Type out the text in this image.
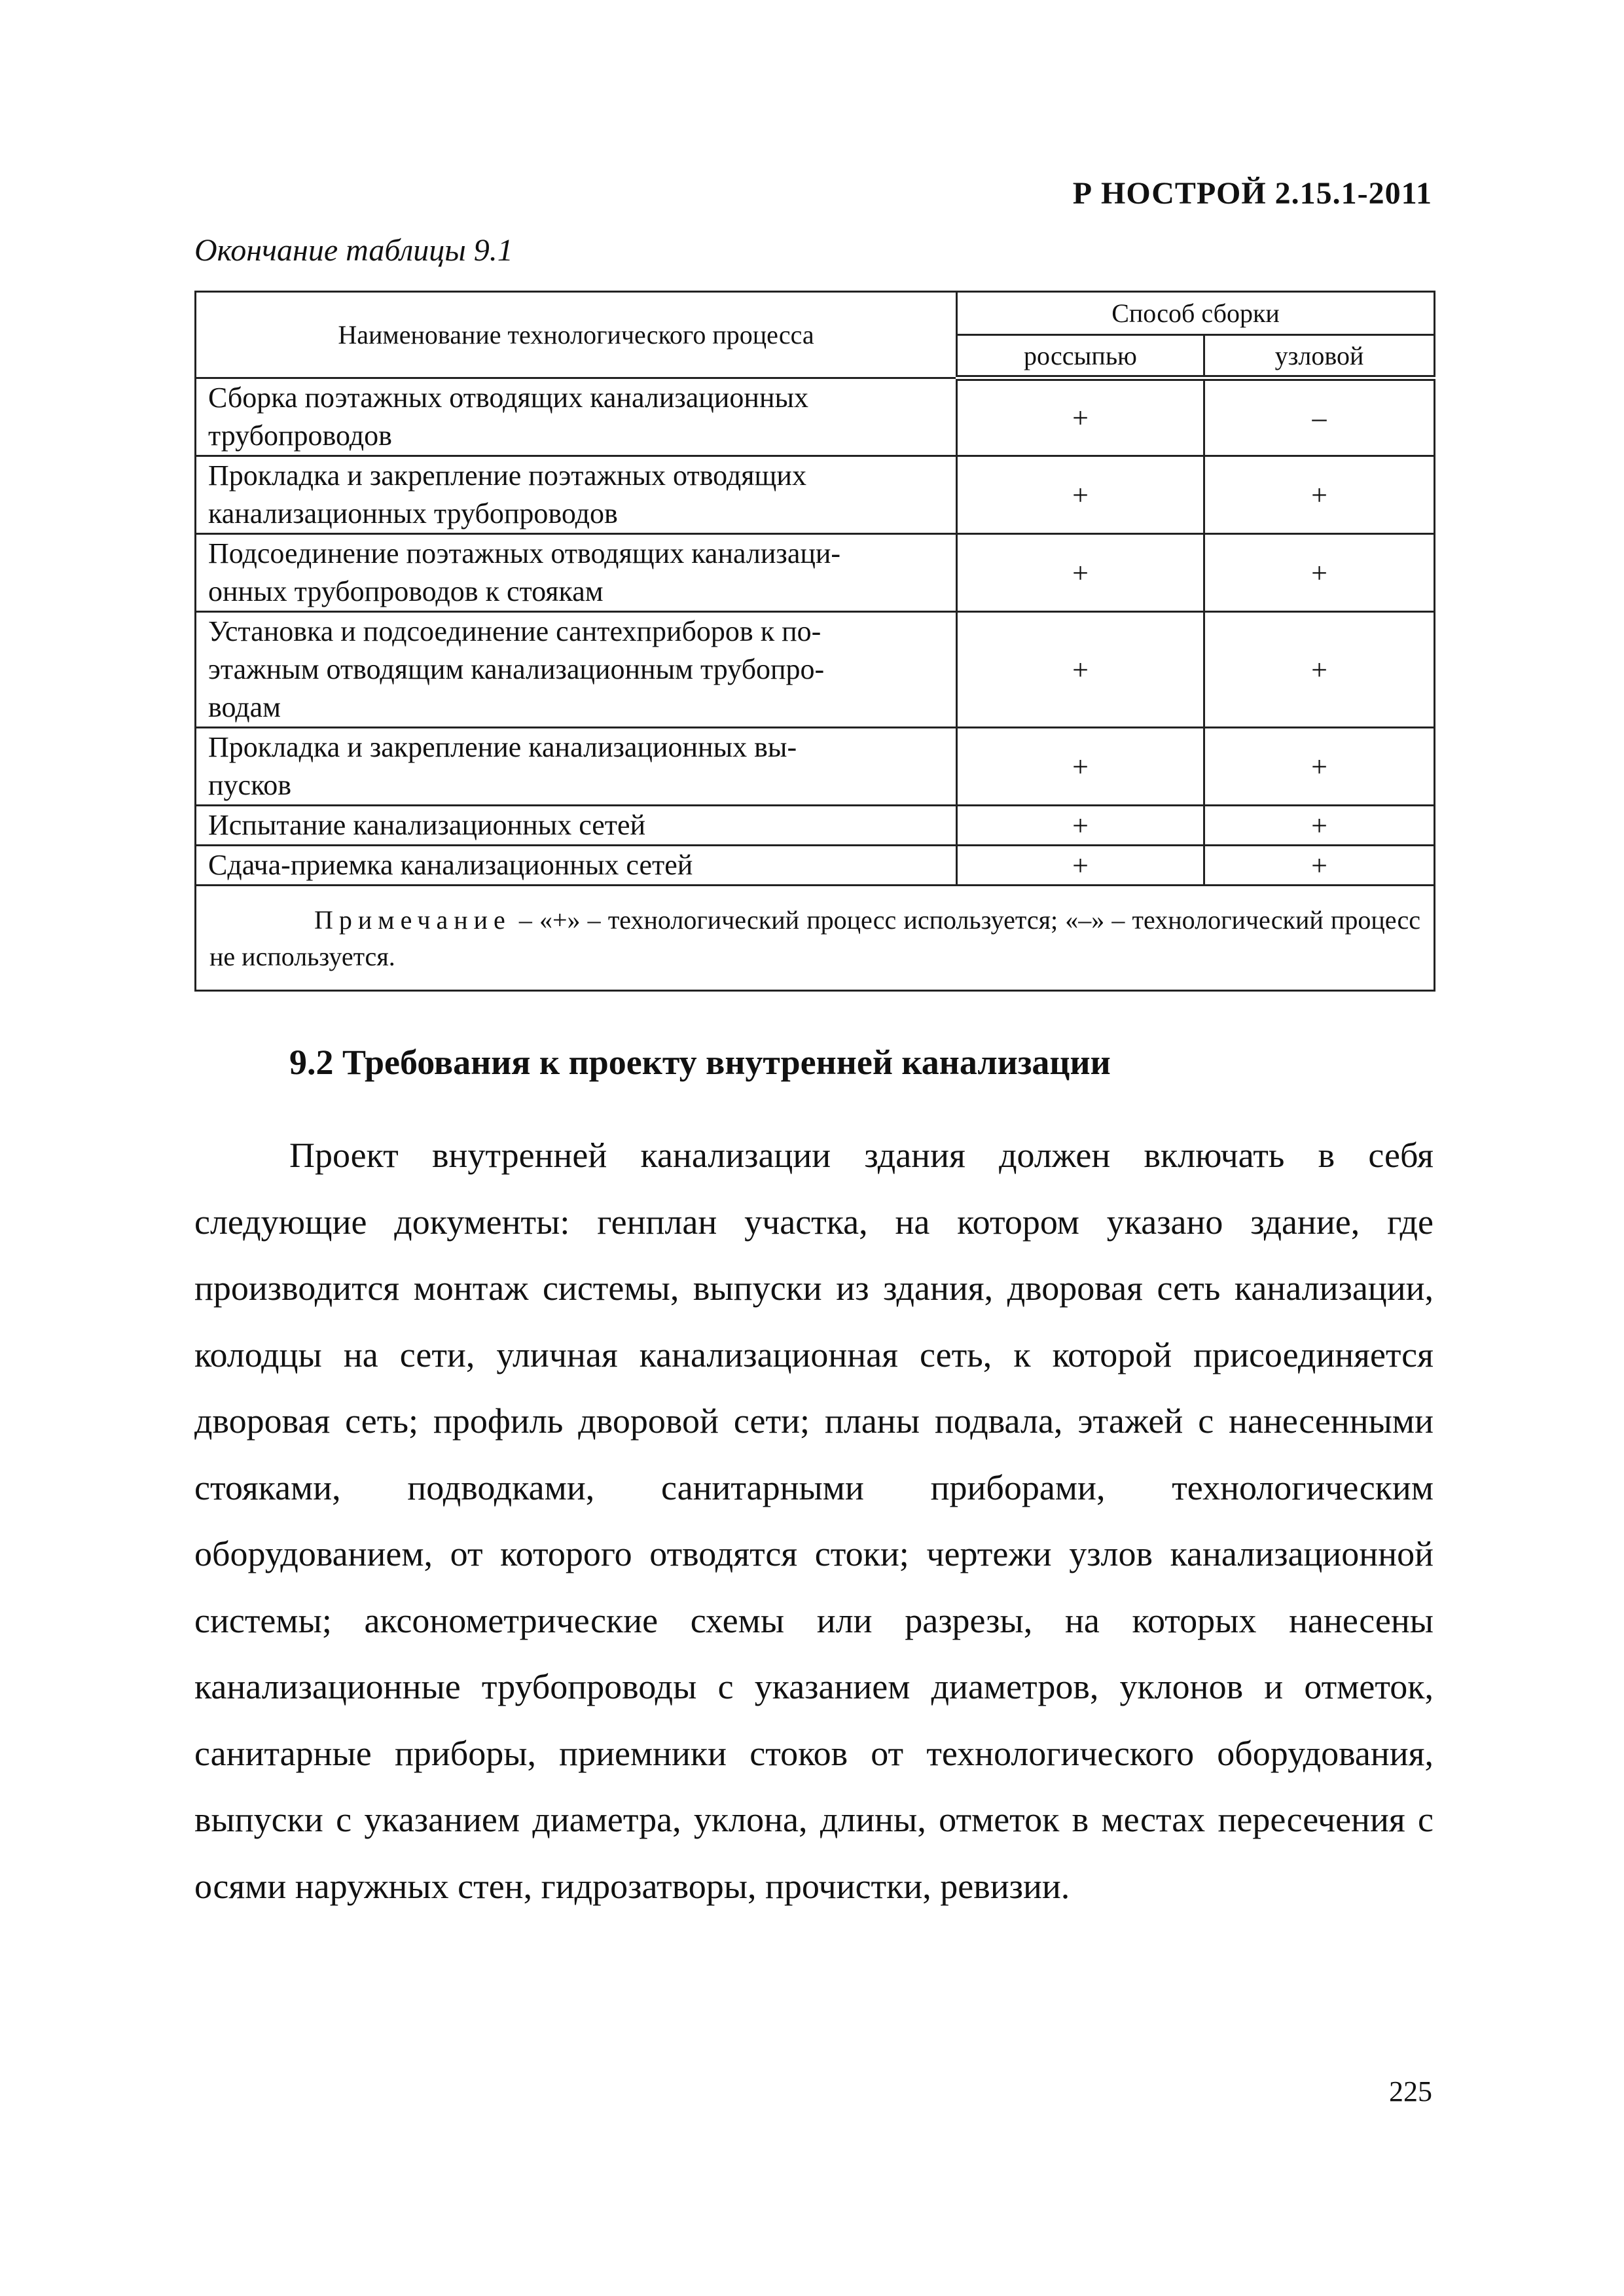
Р НОСТРОЙ 2.15.1-2011
Окончание таблицы 9.1
Наименование технологического процесса	Способ сборки	
	россыпью	узловой
Сборка поэтажных отводящих канализационных
трубопроводов	+	–
Прокладка и закрепление поэтажных отводящих
канализационных трубопроводов	+	+
Подсоединение поэтажных отводящих канализаци-
онных трубопроводов к стоякам	+	+
Установка и подсоединение сантехприборов к по-
этажным отводящим канализационным трубопро-
водам	+	+
Прокладка и закрепление канализационных вы-
пусков	+	+
Испытание канализационных сетей	+	+
Сдача-приемка канализационных сетей	+	+
Примечание – «+» – технологический процесс используется; «–» – технологический процесс не используется.		
9.2 Требования к проекту внутренней канализации

Проект внутренней канализации здания должен включать в себя следующие документы: генплан участка, на котором указано здание, где производится монтаж системы, выпуски из здания, дворовая сеть канализации, колодцы на сети, уличная канализационная сеть, к которой присоединяется дворовая сеть; профиль дворовой сети; планы подвала, этажей с нанесенными стояками, подводками, санитарными приборами, технологическим оборудованием, от которого отводятся стоки; чертежи узлов канализационной системы; аксонометрические схемы или разрезы, на которых нанесены канализационные трубопроводы с указанием диаметров, уклонов и отметок, санитарные приборы, приемники стоков от технологического оборудования, выпуски с указанием диаметра, уклона, длины, отметок в местах пересечения с осями наружных стен, гидрозатворы, прочистки, ревизии.

225
